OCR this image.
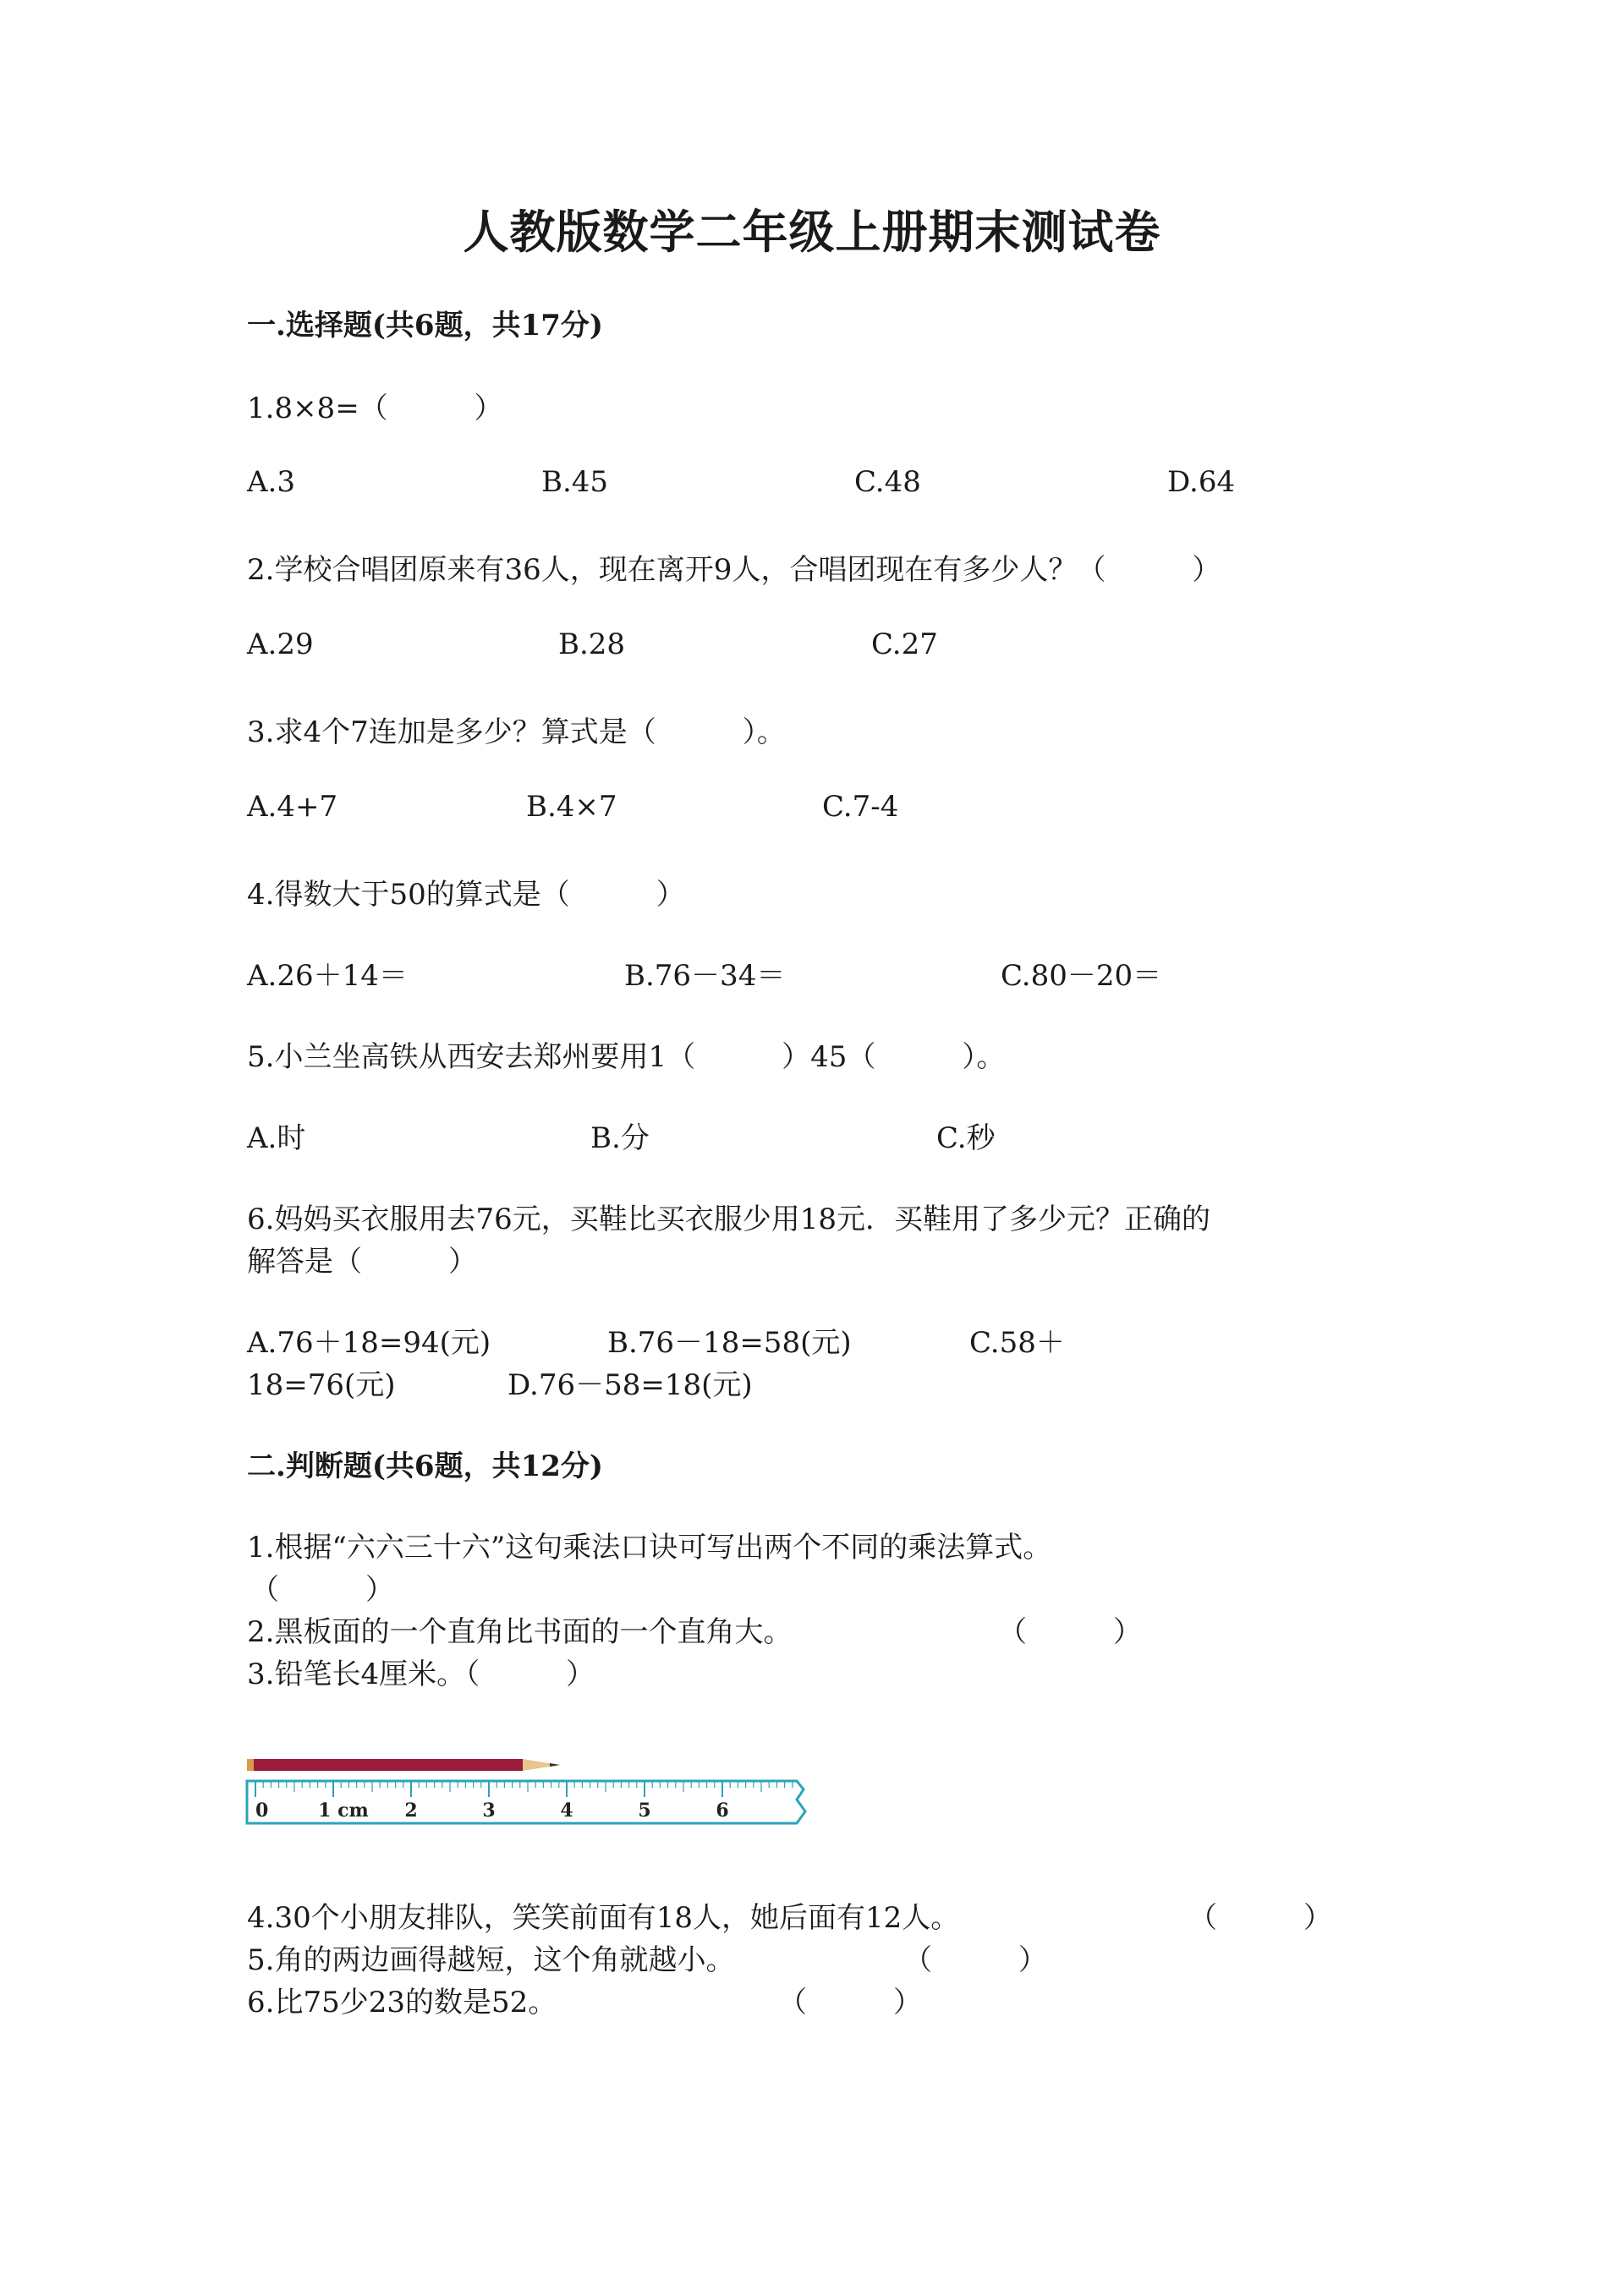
人教版数学二年级上册期末测试卷
一.选择题(共6题，共17分)
1.8×8=（　　　）
A.3	B.45	C.48	D.64
2.学校合唱团原来有36人，现在离开9人，合唱团现在有多少人？（　　　）
A.29	B.28	C.27
3.求4个7连加是多少？算式是（　　　）。
A.4+7	B.4×7	C.7-4
4.得数大于50的算式是（　　　）
A.26＋14＝	B.76－34＝	C.80－20＝
5.小兰坐高铁从西安去郑州要用1（　　　）45（　　　）。
A.时	B.分	C.秒
6.妈妈买衣服用去76元，买鞋比买衣服少用18元．买鞋用了多少元？正确的
解答是（　　　）
A.76＋18=94(元)	B.76－18=58(元)	C.58＋
18=76(元)	D.76－58=18(元)
二.判断题(共6题，共12分)
1.根据“六六三十六”这句乘法口诀可写出两个不同的乘法算式。
（　　　）
2.黑板面的一个直角比书面的一个直角大。	（　　　）
3.铅笔长4厘米。（　　　）
0	1 cm 2	3	4	5	6
4.30个小朋友排队，笑笑前面有18人，她后面有12人。	（　　　）
5.角的两边画得越短，这个角就越小。	（　　　）
6.比75少23的数是52。	（　　　）
